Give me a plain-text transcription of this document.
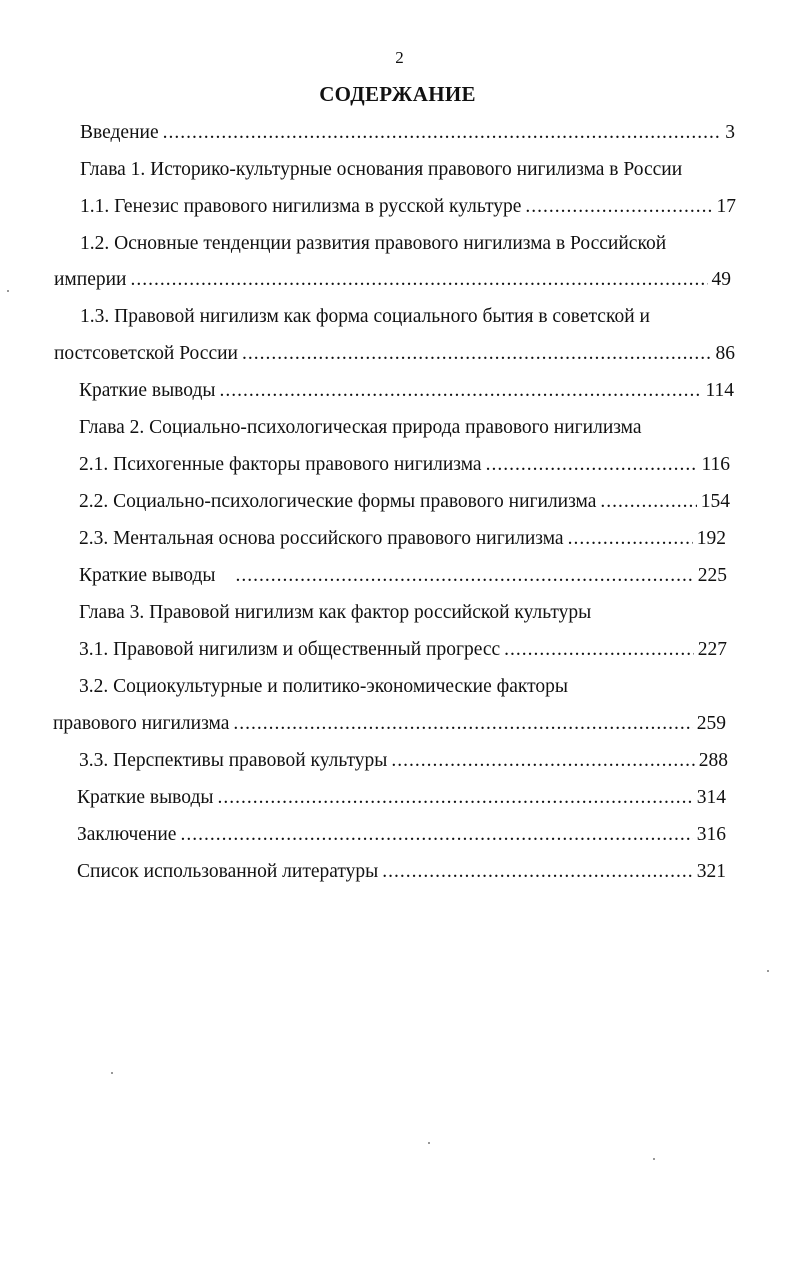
2
СОДЕРЖАНИЕ
Введение .....	3
Глава 1. Историко-культурные основания правового нигилизма в России
1.1. Генезис правового нигилизма в русской культуре .....	17
1.2. Основные тенденции развития правового нигилизма в Российской
империи .....	49
1.3. Правовой нигилизм как форма социального бытия в советской и
постсоветской России .....	86
Краткие выводы .....	114
Глава 2. Социально-психологическая природа правового нигилизма
2.1. Психогенные факторы правового нигилизма .....	116
2.2. Социально-психологические формы правового нигилизма .....	154
2.3. Ментальная основа российского правового нигилизма .....	192
Краткие выводы .....	225
Глава 3. Правовой нигилизм как фактор российской культуры
3.1. Правовой нигилизм и общественный прогресс .....	227
3.2. Социокультурные и политико-экономические факторы
правового нигилизма .....	259
3.3. Перспективы правовой культуры .....	288
Краткие выводы .....	314
Заключение .....	316
Список использованной литературы .....	321
